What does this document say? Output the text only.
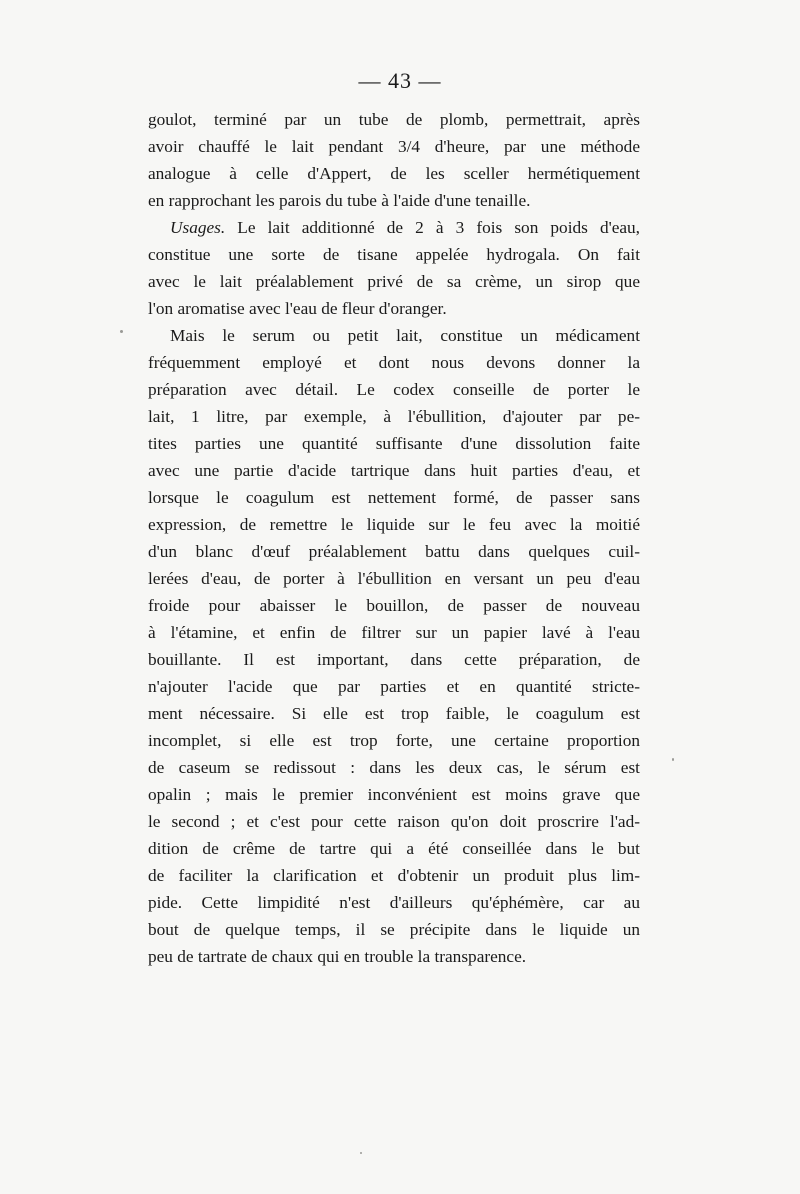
— 43 —
goulot, terminé par un tube de plomb, permettrait, après
avoir chauffé le lait pendant 3/4 d'heure, par une méthode
analogue à celle d'Appert, de les sceller hermétiquement
en rapprochant les parois du tube à l'aide d'une tenaille.
Usages. Le lait additionné de 2 à 3 fois son poids d'eau,
constitue une sorte de tisane appelée hydrogala. On fait
avec le lait préalablement privé de sa crème, un sirop que
l'on aromatise avec l'eau de fleur d'oranger.
Mais le serum ou petit lait, constitue un médicament
fréquemment employé et dont nous devons donner la
préparation avec détail. Le codex conseille de porter le
lait, 1 litre, par exemple, à l'ébullition, d'ajouter par pe-
tites parties une quantité suffisante d'une dissolution faite
avec une partie d'acide tartrique dans huit parties d'eau, et
lorsque le coagulum est nettement formé, de passer sans
expression, de remettre le liquide sur le feu avec la moitié
d'un blanc d'œuf préalablement battu dans quelques cuil-
lerées d'eau, de porter à l'ébullition en versant un peu d'eau
froide pour abaisser le bouillon, de passer de nouveau
à l'étamine, et enfin de filtrer sur un papier lavé à l'eau
bouillante. Il est important, dans cette préparation, de
n'ajouter l'acide que par parties et en quantité stricte-
ment nécessaire. Si elle est trop faible, le coagulum est
incomplet, si elle est trop forte, une certaine proportion
de caseum se redissout : dans les deux cas, le sérum est
opalin ; mais le premier inconvénient est moins grave que
le second ; et c'est pour cette raison qu'on doit proscrire l'ad-
dition de crême de tartre qui a été conseillée dans le but
de faciliter la clarification et d'obtenir un produit plus lim-
pide. Cette limpidité n'est d'ailleurs qu'éphémère, car au
bout de quelque temps, il se précipite dans le liquide un
peu de tartrate de chaux qui en trouble la transparence.
